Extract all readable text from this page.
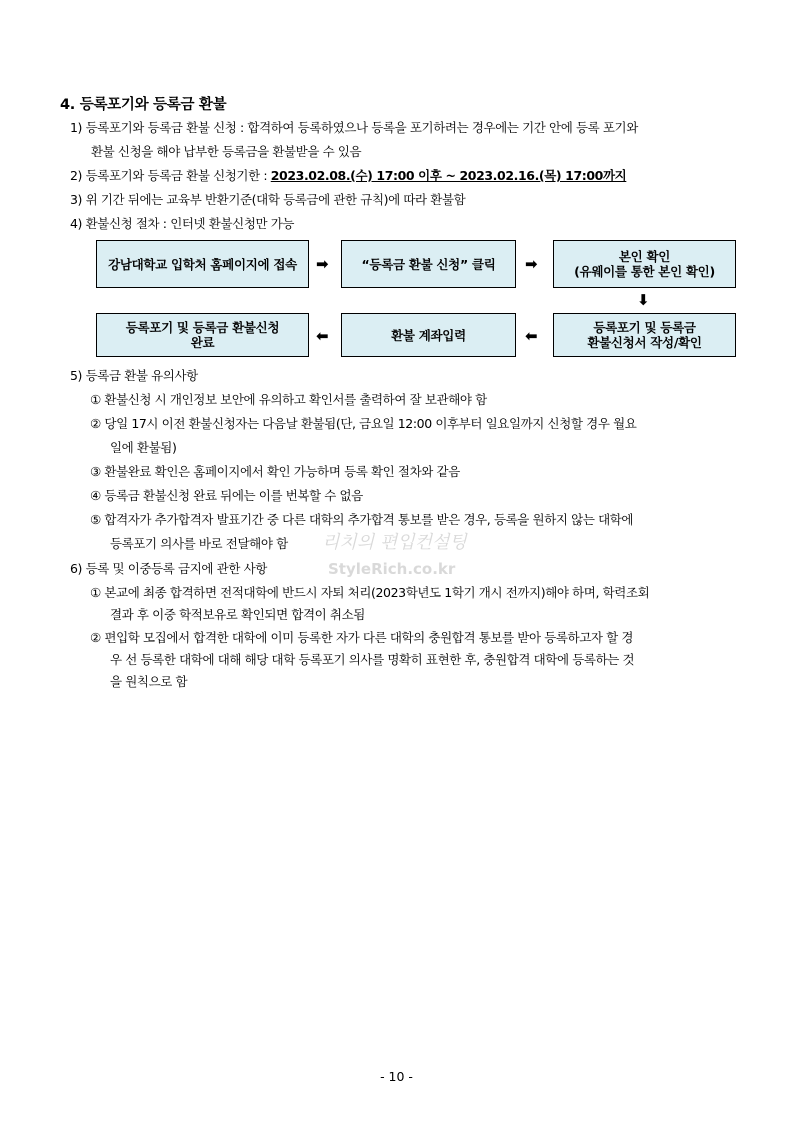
4. 등록포기와 등록금 환불
1) 등록포기와 등록금 환불 신청 : 합격하여 등록하였으나 등록을 포기하려는 경우에는 기간 안에 등록 포기와
환불 신청을 해야 납부한 등록금을 환불받을 수 있음
2) 등록포기와 등록금 환불 신청기한 : 2023.02.08.(수) 17:00 이후 ~ 2023.02.16.(목) 17:00까지
3) 위 기간 뒤에는 교육부 반환기준(대학 등록금에 관한 규칙)에 따라 환불함
4) 환불신청 절차 : 인터넷 환불신청만 가능
강남대학교 입학처 홈페이지에 접속 ➡	“등록금 환불 신청” 클릭 ➡	본인 확인
(유웨이를 통한 본인 확인)
⬇
등록포기 및 등록금 환불신청
완료	⬅	환불 계좌입력	⬅	등록포기 및 등록금
환불신청서 작성/확인
5) 등록금 환불 유의사항
① 환불신청 시 개인정보 보안에 유의하고 확인서를 출력하여 잘 보관해야 함
② 당일 17시 이전 환불신청자는 다음날 환불됨(단, 금요일 12:00 이후부터 일요일까지 신청할 경우 월요
일에 환불됨)
③ 환불완료 확인은 홈페이지에서 확인 가능하며 등록 확인 절차와 같음
④ 등록금 환불신청 완료 뒤에는 이를 번복할 수 없음
⑤ 합격자가 추가합격자 발표기간 중 다른 대학의 추가합격 통보를 받은 경우, 등록을 원하지 않는 대학에
등록포기 의사를 바로 전달해야 함 리치의 편입컨설팅
StyleRich.co.kr
6) 등록 및 이중등록 금지에 관한 사항
① 본교에 최종 합격하면 전적대학에 반드시 자퇴 처리(2023학년도 1학기 개시 전까지)해야 하며, 학력조회
결과 후 이중 학적보유로 확인되면 합격이 취소됨
② 편입학 모집에서 합격한 대학에 이미 등록한 자가 다른 대학의 충원합격 통보를 받아 등록하고자 할 경
우 선 등록한 대학에 대해 해당 대학 등록포기 의사를 명확히 표현한 후, 충원합격 대학에 등록하는 것
을 원칙으로 함
- 10 -
